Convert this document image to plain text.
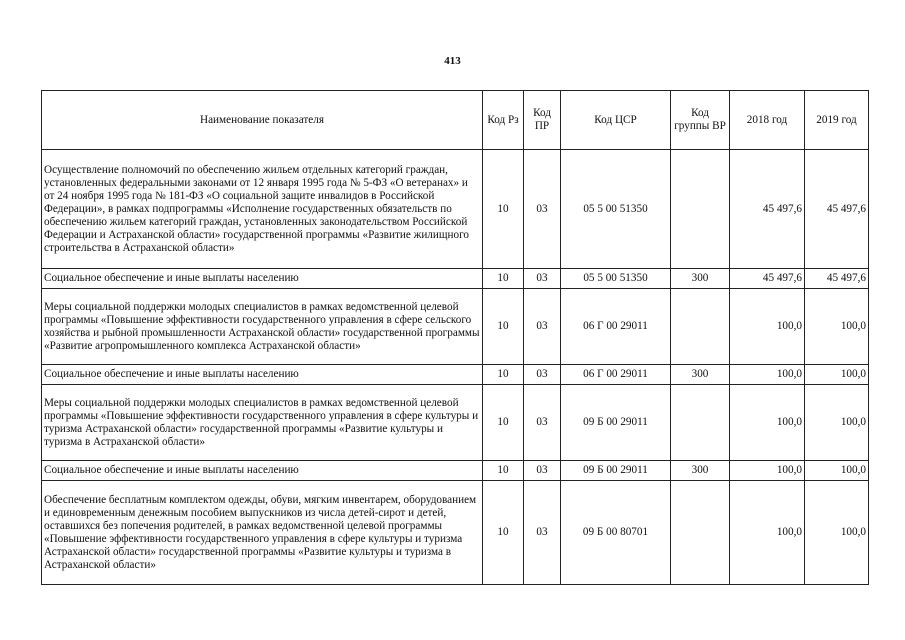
413
Наименование показателя	Код Рз	Код ПР	Код ЦСР	Код группы ВР	2018 год	2019 год
Осуществление полномочий по обеспечению жильем отдельных категорий граждан, установленных федеральными законами от 12 января 1995 года № 5-ФЗ «О ветеранах» и от 24 ноября 1995 года № 181-ФЗ «О социальной защите инвалидов в Российской Федерации», в рамках подпрограммы «Исполнение государственных обязательств по обеспечению жильем категорий граждан, установленных законодательством Российской Федерации и Астраханской области» государственной программы «Развитие жилищного строительства в Астраханской области»	10	03	05 5 00 51350		45 497,6	45 497,6
Социальное обеспечение и иные выплаты населению	10	03	05 5 00 51350	300	45 497,6	45 497,6
Меры социальной поддержки молодых специалистов в рамках ведомственной целевой программы «Повышение эффективности государственного управления в сфере сельского хозяйства и рыбной промышленности Астраханской области» государственной программы «Развитие агропромышленного комплекса Астраханской области»	10	03	06 Г 00 29011		100,0	100,0
Социальное обеспечение и иные выплаты населению	10	03	06 Г 00 29011	300	100,0	100,0
Меры социальной поддержки молодых специалистов в рамках ведомственной целевой программы «Повышение эффективности государственного управления в сфере культуры и туризма Астраханской области» государственной программы «Развитие культуры и туризма в Астраханской области»	10	03	09 Б 00 29011		100,0	100,0
Социальное обеспечение и иные выплаты населению	10	03	09 Б 00 29011	300	100,0	100,0
Обеспечение бесплатным комплектом одежды, обуви, мягким инвентарем, оборудованием и единовременным денежным пособием выпускников из числа детей-сирот и детей, оставшихся без попечения родителей, в рамках ведомственной целевой программы «Повышение эффективности государственного управления в сфере культуры и туризма Астраханской области» государственной программы «Развитие культуры и туризма в Астраханской области»	10	03	09 Б 00 80701		100,0	100,0
